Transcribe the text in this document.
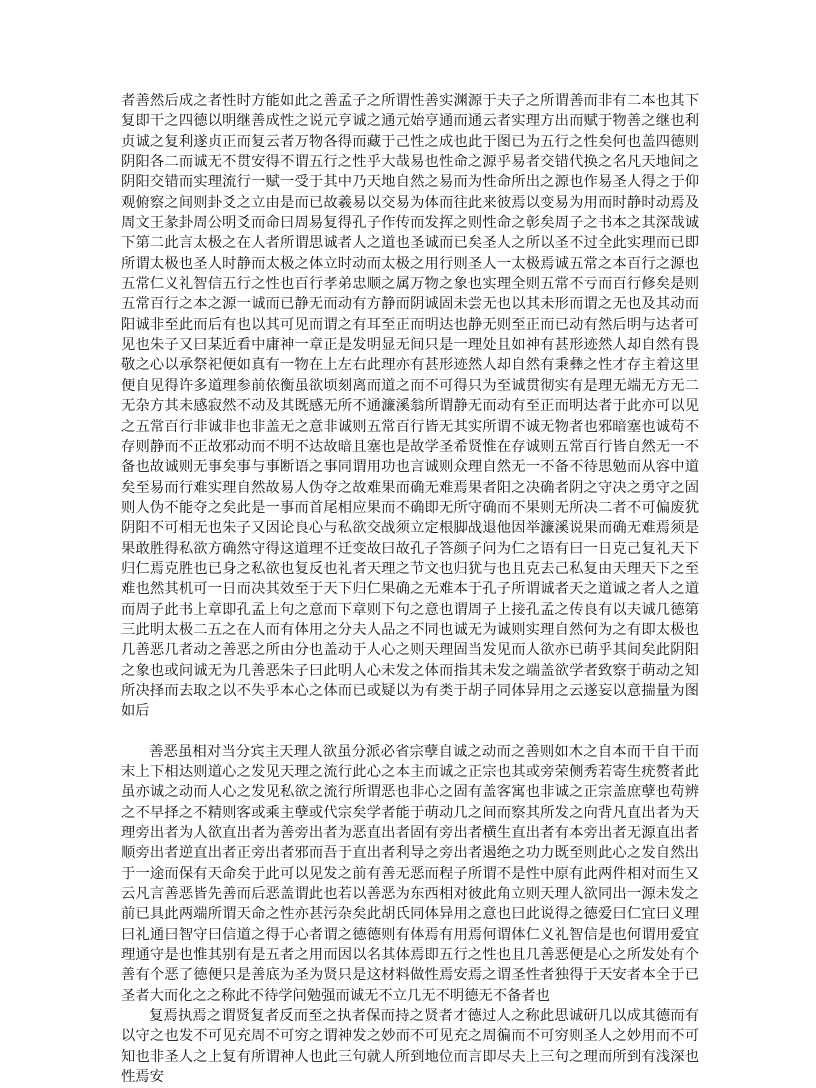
者善然后成之者性时方能如此之善孟子之所谓性善实渊源于夫子之所谓善而非有二本也其下复即干之四德以明继善成性之说元亨诚之通元始亨通而通云者实理方出而赋于物善之继也利贞诚之复利遂贞正而复云者万物各得而藏于己性之成也此于图已为五行之性矣何也盖四德则阴阳各二而诚无不贯安得不谓五行之性乎大哉易也性命之源乎易者交错代换之名凡天地间之阴阳交错而实理流行一赋一受于其中乃天地自然之易而为性命所出之源也作易圣人得之于仰观俯察之间则卦爻之立由是而已故羲易以交易为体而往此来彼焉以变易为用而时静时动焉及周文王彖卦周公明爻而命曰周易复得孔子作传而发挥之则性命之彰矣周子之书本之其深哉诚下第二此言太极之在人者所谓思诚者人之道也圣诚而已矣圣人之所以圣不过全此实理而已即所谓太极也圣人时静而太极之体立时动而太极之用行则圣人一太极焉诚五常之本百行之源也五常仁义礼智信五行之性也百行孝弟忠顺之属万物之象也实理全则五常不亏而百行修矣是则五常百行之本之源一诚而已静无而动有方静而阴诚固未尝无也以其未形而谓之无也及其动而阳诚非至此而后有也以其可见而谓之有耳至正而明达也静无则至正而已动有然后明与达者可见也朱子又曰某近看中庸神一章正是发明显无间只是一理处且如神有甚形迹然人却自然有畏敬之心以承祭祀便如真有一物在上左右此理亦有甚形迹然人却自然有秉彝之性才存主着这里便自见得许多道理参前依衡虽欲顷刻离而道之而不可得只为至诚贯彻实有是理无端无方无二无杂方其未感寂然不动及其既感无所不通濂溪翁所谓静无而动有至正而明达者于此亦可以见之五常百行非诚非也非盖无之意非诚则五常百行皆无其实所谓不诚无物者也邪暗塞也诚苟不存则静而不正故邪动而不明不达故暗且塞也是故学圣希贤惟在存诚则五常百行皆自然无一不备也故诚则无事矣事与事断语之事同谓用功也言诚则众理自然无一不备不待思勉而从容中道矣至易而行难实理自然故易人伪夺之故难果而确无难焉果者阳之决确者阴之守决之勇守之固则人伪不能夺之矣此是一事而首尾相应果而不确即无所守确而不果则无所决二者不可偏废犹阴阳不可相无也朱子又因论良心与私欲交战须立定根脚战退他因举濂溪说果而确无难焉须是果敢胜得私欲方确然守得这道理不迁变故曰故孔子答颜子问为仁之语有曰一日克己复礼天下归仁焉克胜也已身之私欲也复反也礼者天理之节文也归犹与也且克去己私复由天理天下之至难也然其机可一日而决其效至于天下归仁果确之无难本于孔子所谓诚者天之道诚之者人之道而周子此书上章即孔孟上句之意而下章则下句之意也谓周子上接孔孟之传良有以夫诚几德第三此明太极二五之在人而有体用之分夫人品之不同也诚无为诚则实理自然何为之有即太极也几善恶几者动之善恶之所由分也盖动于人心之则天理固当发见而人欲亦已萌乎其间矣此阴阳之象也或问诚无为几善恶朱子曰此明人心未发之体而指其未发之端盖欲学者致察于萌动之知所决择而去取之以不失乎本心之体而已或疑以为有类于胡子同体异用之云遂妄以意揣量为图如后

善恶虽相对当分宾主天理人欲虽分派必省宗孽自诚之动而之善则如木之自本而干自干而末上下相达则道心之发见天理之流行此心之本主而诚之正宗也其或旁荣侧秀若寄生疣赘者此虽亦诚之动而人心之发见私欲之流行所谓恶也非心之固有盖客寓也非诚之正宗盖庶孽也苟辨之不早择之不精则客或乘主孽或代宗矣学者能于萌动几之间而察其所发之向背凡直出者为天理旁出者为人欲直出者为善旁出者为恶直出者固有旁出者横生直出者有本旁出者无源直出者顺旁出者逆直出者正旁出者邪而吾于直出者利导之旁出者遏绝之功力既至则此心之发自然出于一途而保有天命矣于此可以见发之前有善无恶而程子所谓不是性中原有此两件相对而生又云凡言善恶皆先善而后恶盖谓此也若以善恶为东西相对彼此角立则天理人欲同出一源未发之前已具此两端所谓天命之性亦甚污杂矣此胡氏同体异用之意也曰此说得之德爱曰仁宜曰义理曰礼通曰智守曰信道之得于心者谓之德德则有体焉有用焉何谓体仁义礼智信是也何谓用爱宜理通守是也惟其别有是五者之用而因以名其体焉即五行之性也且几善恶便是心之所发处有个善有个恶了德便只是善底为圣为贤只是这材料做性焉安焉之谓圣性者独得于天安者本全于已圣者大而化之之称此不待学问勉强而诚无不立几无不明德无不备者也

复焉执焉之谓贤复者反而至之执者保而持之贤者才德过人之称此思诚研几以成其德而有以守之也发不可见充周不可穷之谓神发之妙而不可见充之周徧而不可穷则圣人之妙用而不可知也非圣人之上复有所谓神人也此三句就人所到地位而言即尽夫上三句之理而所到有浅深也性焉安
